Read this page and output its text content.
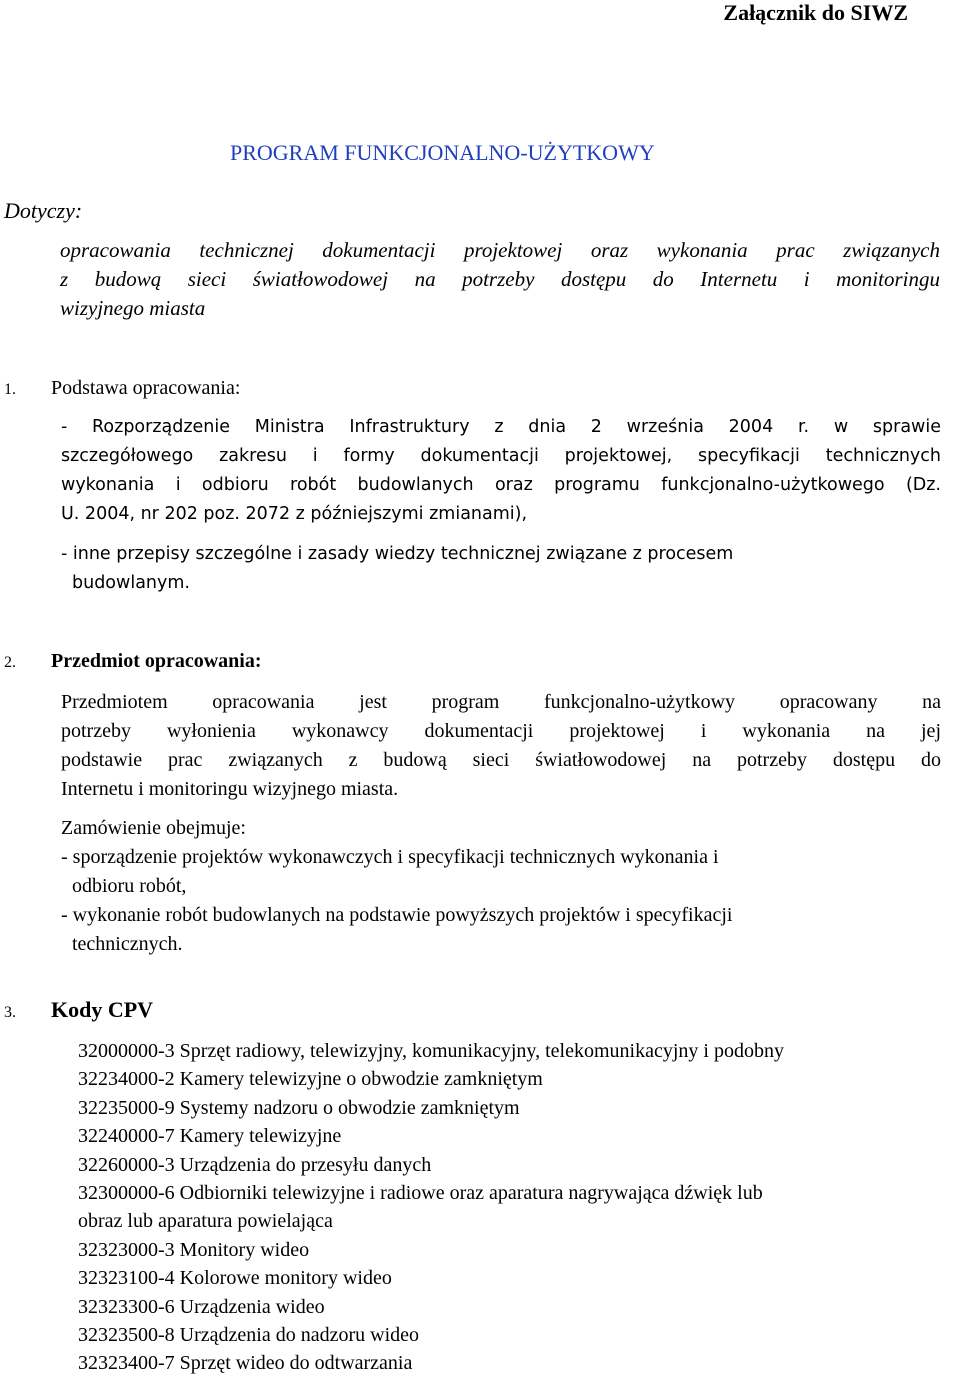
Załącznik do SIWZ
PROGRAM FUNKCJONALNO-UŻYTKOWY
Dotyczy:
opracowania technicznej dokumentacji projektowej oraz wykonania prac związanych
z budową sieci światłowodowej na potrzeby dostępu do Internetu i monitoringu
wizyjnego miasta
1. Podstawa opracowania:
- Rozporządzenie Ministra Infrastruktury z dnia 2 września 2004 r. w sprawie
szczegółowego zakresu i formy dokumentacji projektowej, specyfikacji technicznych
wykonania i odbioru robót budowlanych oraz programu funkcjonalno-użytkowego (Dz.
U. 2004, nr 202 poz. 2072 z późniejszymi zmianami),
- inne przepisy szczególne i zasady wiedzy technicznej związane z procesem
budowlanym.
2. Przedmiot opracowania:
Przedmiotem opracowania jest program funkcjonalno-użytkowy opracowany na
potrzeby wyłonienia wykonawcy dokumentacji projektowej i wykonania na jej
podstawie prac związanych z budową sieci światłowodowej na potrzeby dostępu do
Internetu i monitoringu wizyjnego miasta.
Zamówienie obejmuje:
- sporządzenie projektów wykonawczych i specyfikacji technicznych wykonania i
odbioru robót,
- wykonanie robót budowlanych na podstawie powyższych projektów i specyfikacji
technicznych.
3. Kody CPV
32000000-3 Sprzęt radiowy, telewizyjny, komunikacyjny, telekomunikacyjny i podobny
32234000-2 Kamery telewizyjne o obwodzie zamkniętym
32235000-9 Systemy nadzoru o obwodzie zamkniętym
32240000-7 Kamery telewizyjne
32260000-3 Urządzenia do przesyłu danych
32300000-6 Odbiorniki telewizyjne i radiowe oraz aparatura nagrywająca dźwięk lub
obraz lub aparatura powielająca
32323000-3 Monitory wideo
32323100-4 Kolorowe monitory wideo
32323300-6 Urządzenia wideo
32323500-8 Urządzenia do nadzoru wideo
32323400-7 Sprzęt wideo do odtwarzania
